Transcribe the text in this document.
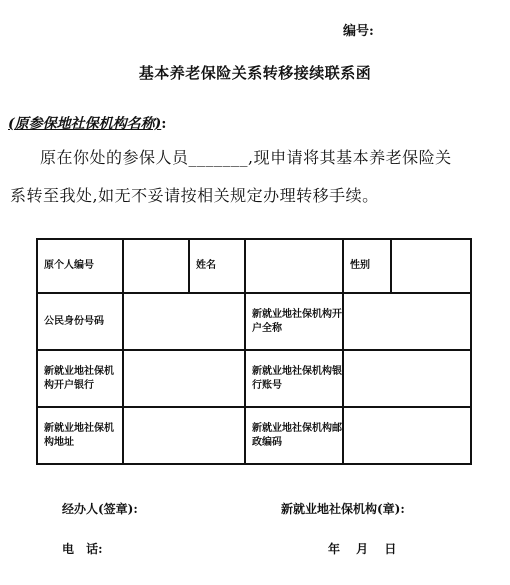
编号:
基本养老保险关系转移接续联系函
(原参保地社保机构名称):
原在你处的参保人员_______,现申请将其基本养老保险关
系转至我处,如无不妥请按相关规定办理转移手续。
原个人编号		姓名		性别	
公民身份号码			新就业地社保机构开户全称		
新就业地社保机构开户银行			新就业地社保机构银行账号		
新就业地社保机构地址			新就业地社保机构邮政编码		
经办人(签章):	新就业地社保机构(章):
电 话:	年 月 日
